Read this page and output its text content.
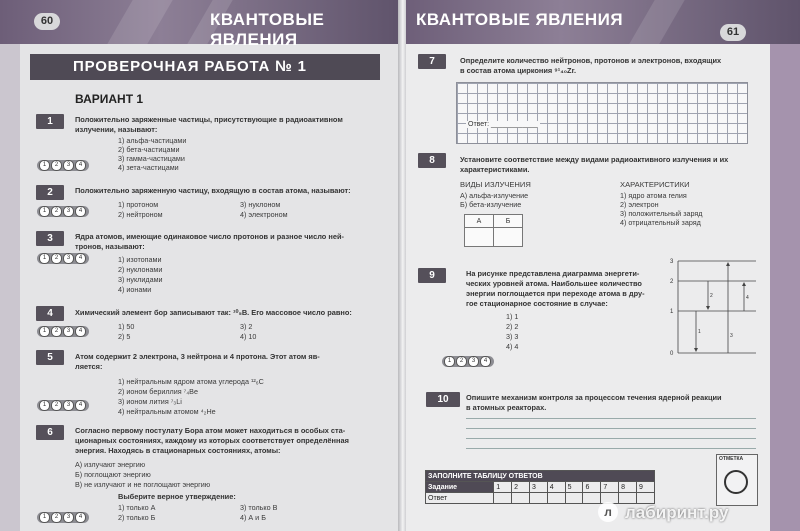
60	КВАНТОВЫЕ ЯВЛЕНИЯ
ПРОВЕРОЧНАЯ РАБОТА № 1
ВАРИАНТ 1
1	Положительно заряженные частицы, присутствующие в радиоактивном
излучении, называют:
1) альфа-частицами
2) бета-частицами
3) гамма-частицами
4) зета-частицами
1	2	3	4
2	Положительно заряженную частицу, входящую в состав атома, называют:
1) протоном
2) нейтроном
3) нуклоном
4) электроном
1	2	3	4
3	Ядра атомов, имеющие одинаковое число протонов и разное число ней-
тронов, называют:
1) изотопами
2) нуклонами
3) нуклидами
4) ионами
1	2	3	4
4	Химический элемент бор записывают так: ¹⁰₅B. Его массовое число равно:
1) 50
2) 5
3) 2
4) 10
1	2	3	4
5	Атом содержит 2 электрона, 3 нейтрона и 4 протона. Этот атом яв-
ляется:
1) нейтральным ядром атома углерода ¹²₆C
2) ионом бериллия ⁷₄Be
3) ионом лития ⁷₃Li
4) нейтральным атомом ⁴₂He
1	2	3	4
6	Согласно первому постулату Бора атом может находиться в особых ста-
ционарных состояниях, каждому из которых соответствует определённая
энергия. Находясь в стационарных состояниях, атомы:
А) излучают энергию
Б) поглощают энергию
В) не излучают и не поглощают энергию
Выберите верное утверждение:
1) только А
2) только Б
3) только В
4) А и Б
1	2	3	4
КВАНТОВЫЕ ЯВЛЕНИЯ
61
7	Определите количество нейтронов, протонов и электронов, входящих
в состав атома циркония ⁹¹₄₀Zr.
Ответ: ____________
8	Установите соответствие между видами радиоактивного излучения и их
характеристиками.
ВИДЫ ИЗЛУЧЕНИЯ	ХАРАКТЕРИСТИКИ
А) альфа-излучение
Б) бета-излучение
1) ядро атома гелия
2) электрон
3) положительный заряд
4) отрицательный заряд
А	Б

9	На рисунке представлена диаграмма энергети-
ческих уровней атома. Наибольшее количество
энергии поглощается при переходе атома в дру-
гое стационарное состояние в случае:
1) 1
2) 2
3) 3
4) 4
1	2	3	4
10	Опишите механизм контроля за процессом течения ядерной реакции
в атомных реакторах.
3
2
1
0
1
2
3
4
ЗАПОЛНИТЕ ТАБЛИЦУ ОТВЕТОВ									
Задание	1	2	3	4	5	6	7	8	9
Ответ									
ОТМЕТКА
л лабиринт.ру
